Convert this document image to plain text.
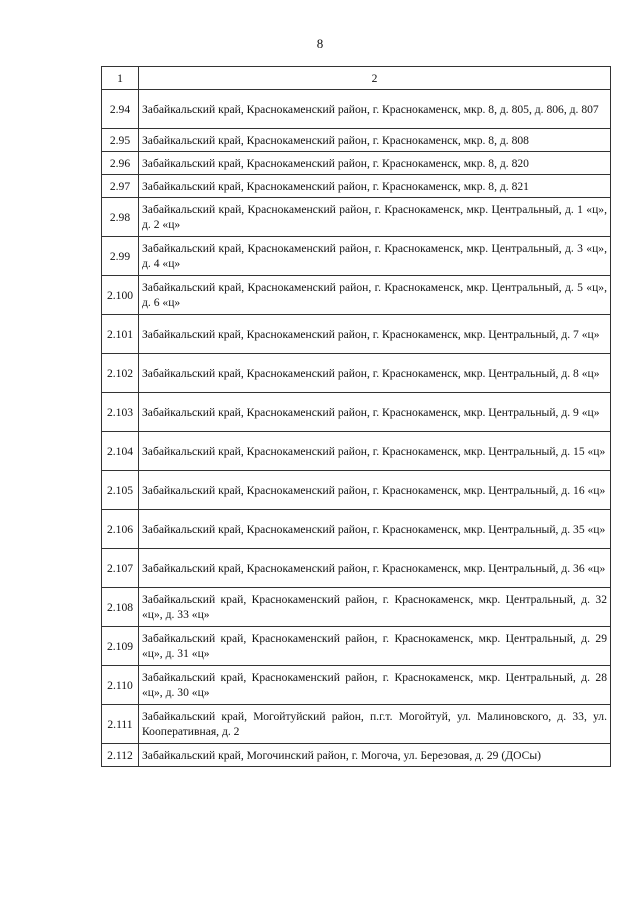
8
1	2
2.94	Забайкальский край, Краснокаменский район, г. Краснокаменск, мкр. 8, д. 805, д. 806, д. 807
2.95	Забайкальский край, Краснокаменский район, г. Краснокаменск, мкр. 8, д. 808
2.96	Забайкальский край, Краснокаменский район, г. Краснокаменск, мкр. 8, д. 820
2.97	Забайкальский край, Краснокаменский район, г. Краснокаменск, мкр. 8, д. 821
2.98	Забайкальский край, Краснокаменский район, г. Краснокаменск, мкр. Центральный, д. 1 «ц», д. 2 «ц»
2.99	Забайкальский край, Краснокаменский район, г. Краснокаменск, мкр. Центральный, д. 3 «ц», д. 4 «ц»
2.100	Забайкальский край, Краснокаменский район, г. Краснокаменск, мкр. Центральный, д. 5 «ц», д. 6 «ц»
2.101	Забайкальский край, Краснокаменский район, г. Краснокаменск, мкр. Центральный, д. 7 «ц»
2.102	Забайкальский край, Краснокаменский район, г. Краснокаменск, мкр. Центральный, д. 8 «ц»
2.103	Забайкальский край, Краснокаменский район, г. Краснокаменск, мкр. Центральный, д. 9 «ц»
2.104	Забайкальский край, Краснокаменский район, г. Краснокаменск, мкр. Центральный, д. 15 «ц»
2.105	Забайкальский край, Краснокаменский район, г. Краснокаменск, мкр. Центральный, д. 16 «ц»
2.106	Забайкальский край, Краснокаменский район, г. Краснокаменск, мкр. Центральный, д. 35 «ц»
2.107	Забайкальский край, Краснокаменский район, г. Краснокаменск, мкр. Центральный, д. 36 «ц»
2.108	Забайкальский край, Краснокаменский район, г. Краснокаменск, мкр. Центральный, д. 32 «ц», д. 33 «ц»
2.109	Забайкальский край, Краснокаменский район, г. Краснокаменск, мкр. Центральный, д. 29 «ц», д. 31 «ц»
2.110	Забайкальский край, Краснокаменский район, г. Краснокаменск, мкр. Центральный, д. 28 «ц», д. 30 «ц»
2.111	Забайкальский край, Могойтуйский район, п.г.т. Могойтуй, ул. Малиновского, д. 33, ул. Кооперативная, д. 2
2.112	Забайкальский край, Могочинский район, г. Могоча, ул. Березовая, д. 29 (ДОСы)
